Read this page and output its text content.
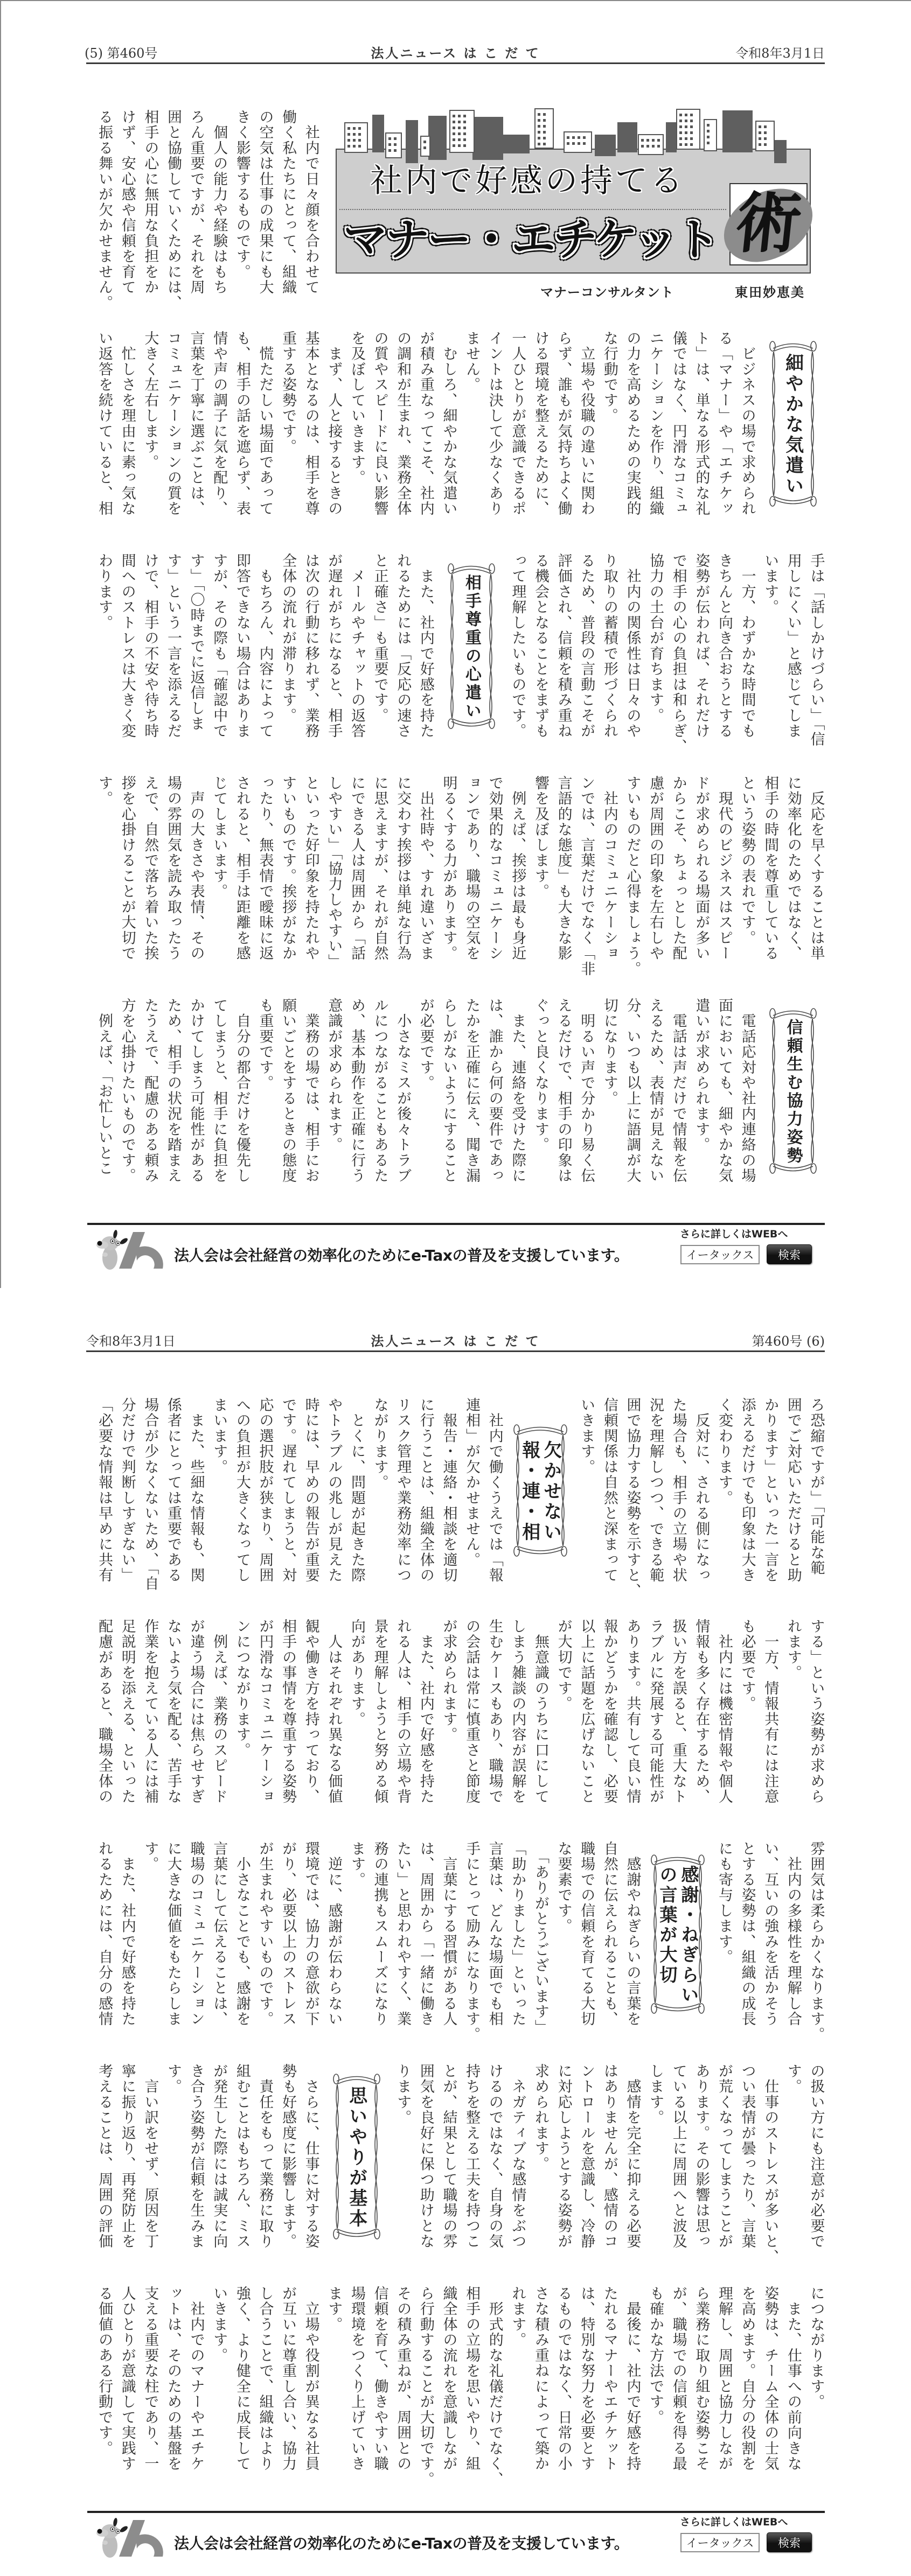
(5) 第460号	法人ニュース は こ だ て	令和8年3月1日
社内で好感の持てる
マナー・エチケット 術
マナーコンサルタント	東田妙恵美
　社内で日々顔を合わせて
働く私たちにとって、組織
の空気は仕事の成果にも大
きく影響するものです。
　個人の能力や経験はもち
ろん重要ですが、それを周
囲と協働していくためには、
相手の心に無用な負担をか
けず、安心感や信頼を育て
る振る舞いが欠かせません。
細やかな気遣い
　ビジネスの場で求められ
る「マナー」や「エチケッ
ト」は、単なる形式的な礼
儀ではなく、円滑なコミュ
ニケーションを作り、組織
の力を高めるための実践的
な行動です。
　立場や役職の違いに関わ
らず、誰もが気持ちよく働
ける環境を整えるために、
一人ひとりが意識できるポ
イントは決して少なくあり
ません。
　むしろ、細やかな気遣い
が積み重なってこそ、社内
の調和が生まれ、業務全体
の質やスピードに良い影響
を及ぼしていきます。
　まず、人と接するときの
基本となるのは、相手を尊
重する姿勢です。
　慌ただしい場面であって
も、相手の話を遮らず、表
情や声の調子に気を配り、
言葉を丁寧に選ぶことは、
コミュニケーションの質を
大きく左右します。
　忙しさを理由に素っ気な
い返答を続けていると、相
手は「話しかけづらい」「信
用しにくい」と感じてしま
います。
　一方、わずかな時間でも
きちんと向き合おうとする
姿勢が伝われば、それだけ
で相手の心の負担は和らぎ、
協力の土台が育ちます。
　社内の関係性は日々のや
り取りの蓄積で形づくられ
るため、普段の言動こそが
評価され、信頼を積み重ね
る機会となることをまずも
って理解したいものです。
相手尊重の心遣い
　また、社内で好感を持た
れるためには「反応の速さ
と正確さ」も重要です。
　メールやチャットの返答
が遅れがちになると、相手
は次の行動に移れず、業務
全体の流れが滞ります。
　もちろん、内容によって
即答できない場合はありま
すが、その際も「確認中で
す」「〇時までに返信しま
す」という一言を添えるだ
けで、相手の不安や待ち時
間へのストレスは大きく変
わります。
　反応を早くすることは単
に効率化のためではなく、
相手の時間を尊重している
という姿勢の表れです。
　現代のビジネスはスピー
ドが求められる場面が多い
からこそ、ちょっとした配
慮が周囲の印象を左右しや
すいものだと心得ましょう。
　社内のコミュニケーショ
ンでは、言葉だけでなく「非
言語的な態度」も大きな影
響を及ぼします。
　例えば、挨拶は最も身近
で効果的なコミュニケーシ
ョンであり、職場の空気を
明るくする力があります。
　出社時や、すれ違いざま
に交わす挨拶は単純な行為
に思えますが、それが自然
にできる人は周囲から「話
しやすい」「協力しやすい」
といった好印象を持たれや
すいものです。挨拶がなか
ったり、無表情で曖昧に返
されると、相手は距離を感
じてしまいます。
　声の大きさや表情、その
場の雰囲気を読み取ったう
えで、自然で落ち着いた挨
拶を心掛けることが大切で
す。
信頼生む協力姿勢
　電話応対や社内連絡の場
面においても、細やかな気
遣いが求められます。
　電話は声だけで情報を伝
えるため、表情が見えない
分、いつも以上に語調が大
切になります。
　明るい声で分かり易く伝
えるだけで、相手の印象は
ぐっと良くなります。
　また、連絡を受けた際に
は、誰から何の要件であっ
たかを正確に伝え、聞き漏
らしがないようにすること
が必要です。
　小さなミスが後々トラブ
ルにつながることもあるた
め、基本動作を正確に行う
意識が求められます。
　業務の場では、相手にお
願いごとをするときの態度
も重要です。
　自分の都合だけを優先し
てしまうと、相手に負担を
かけてしまう可能性がある
ため、相手の状況を踏まえ
たうえで、配慮のある頼み
方を心掛けたいものです。
　例えば、「お忙しいとこ
法人会は会社経営の効率化のためにe-Taxの普及を支援しています。
さらに詳しくはWEBへ
イータックス
検索
令和8年3月1日	法人ニュース は こ だ て	第460号 (6)
ろ恐縮ですが」「可能な範
囲でご対応いただけると助
かります」といった一言を
添えるだけでも印象は大き
く変わります。
　反対に、される側になっ
た場合も、相手の立場や状
況を理解しつつ、できる範
囲で協力する姿勢を示すと、
信頼関係は自然と深まって
いきます。
欠かせない
報・連・相
　社内で働くうえでは「報
連相」が欠かせません。
　報告・連絡・相談を適切
に行うことは、組織全体の
リスク管理や業務効率につ
ながります。
　とくに、問題が起きた際
やトラブルの兆しが見えた
時には、早めの報告が重要
です。遅れてしまうと、対
応の選択肢が狭まり、周囲
への負担が大きくなってし
まいます。
　また、些細な情報も、関
係者にとっては重要である
場合が少なくないため、「自
分だけで判断しすぎない」
「必要な情報は早めに共有
する」という姿勢が求めら
れます。
　一方、情報共有には注意
も必要です。
　社内には機密情報や個人
情報も多く存在するため、
扱い方を誤ると、重大なト
ラブルに発展する可能性が
あります。共有して良い情
報かどうかを確認し、必要
以上に話題を広げないこと
が大切です。
　無意識のうちに口にして
しまう雑談の内容が誤解を
生むケースもあり、職場で
の会話は常に慎重さと節度
が求められます。
　また、社内で好感を持た
れる人は、相手の立場や背
景を理解しようと努める傾
向があります。
　人はそれぞれ異なる価値
観や働き方を持っており、
相手の事情を尊重する姿勢
が円滑なコミュニケーショ
ンにつながります。
　例えば、業務のスピード
が違う場合には焦らせすぎ
ないよう気を配る、苦手な
作業を抱えている人には補
足説明を添える、といった
配慮があると、職場全体の
雰囲気は柔らかくなります。
　社内の多様性を理解し合
い、互いの強みを活かそう
とする姿勢は、組織の成長
にも寄与します。
感謝・ねぎらい
の言葉が大切
　感謝やねぎらいの言葉を
自然に伝えられることも、
職場での信頼を育てる大切
な要素です。
　「ありがとうございます」
「助かりました」といった
言葉は、どんな場面でも相
手にとって励みになります。
　言葉にする習慣がある人
は、周囲から「一緒に働き
たい」と思われやすく、業
務の連携もスムーズになり
ます。
　逆に、感謝が伝わらない
環境では、協力の意欲が下
がり、必要以上のストレス
が生まれやすいものです。
　小さなことでも、感謝を
言葉にして伝えることは、
職場のコミュニケーション
に大きな価値をもたらしま
す。
　また、社内で好感を持た
れるためには、自分の感情
の扱い方にも注意が必要で
す。
　仕事のストレスが多いと、
つい表情が曇ったり、言葉
が荒くなってしまうことが
あります。その影響は思っ
ている以上に周囲へと波及
します。
　感情を完全に抑える必要
はありませんが、感情のコ
ントロールを意識し、冷静
に対応しようとする姿勢が
求められます。
　ネガティブな感情をぶつ
けるのではなく、自身の気
持ちを整える工夫を持つこ
とが、結果として職場の雰
囲気を良好に保つ助けとな
ります。
思いやりが基本
　さらに、仕事に対する姿
勢も好感度に影響します。
　責任をもって業務に取り
組むことはもちろん、ミス
が発生した際には誠実に向
き合う姿勢が信頼を生みま
す。
　言い訳をせず、原因を丁
寧に振り返り、再発防止を
考えることは、周囲の評価
につながります。
　また、仕事への前向きな
姿勢は、チーム全体の士気
を高めます。自分の役割を
理解し、周囲と協力しなが
ら業務に取り組む姿勢こそ
が、職場での信頼を得る最
も確かな方法です。
　最後に、社内で好感を持
たれるマナーやエチケット
は、特別な努力を必要とす
るものではなく、日常の小
さな積み重ねによって築か
れます。
　形式的な礼儀だけでなく、
相手の立場を思いやり、組
織全体の流れを意識しなが
ら行動することが大切です。
その積み重ねが、周囲との
信頼を育て、働きやすい職
場環境をつくり上げていき
ます。
　立場や役割が異なる社員
が互いに尊重し合い、協力
し合うことで、組織はより
強く、より健全に成長して
いきます。
　社内でのマナーやエチケ
ットは、そのための基盤を
支える重要な柱であり、一
人ひとりが意識して実践す
る価値のある行動です。
法人会は会社経営の効率化のためにe-Taxの普及を支援しています。
さらに詳しくはWEBへ
イータックス
検索
